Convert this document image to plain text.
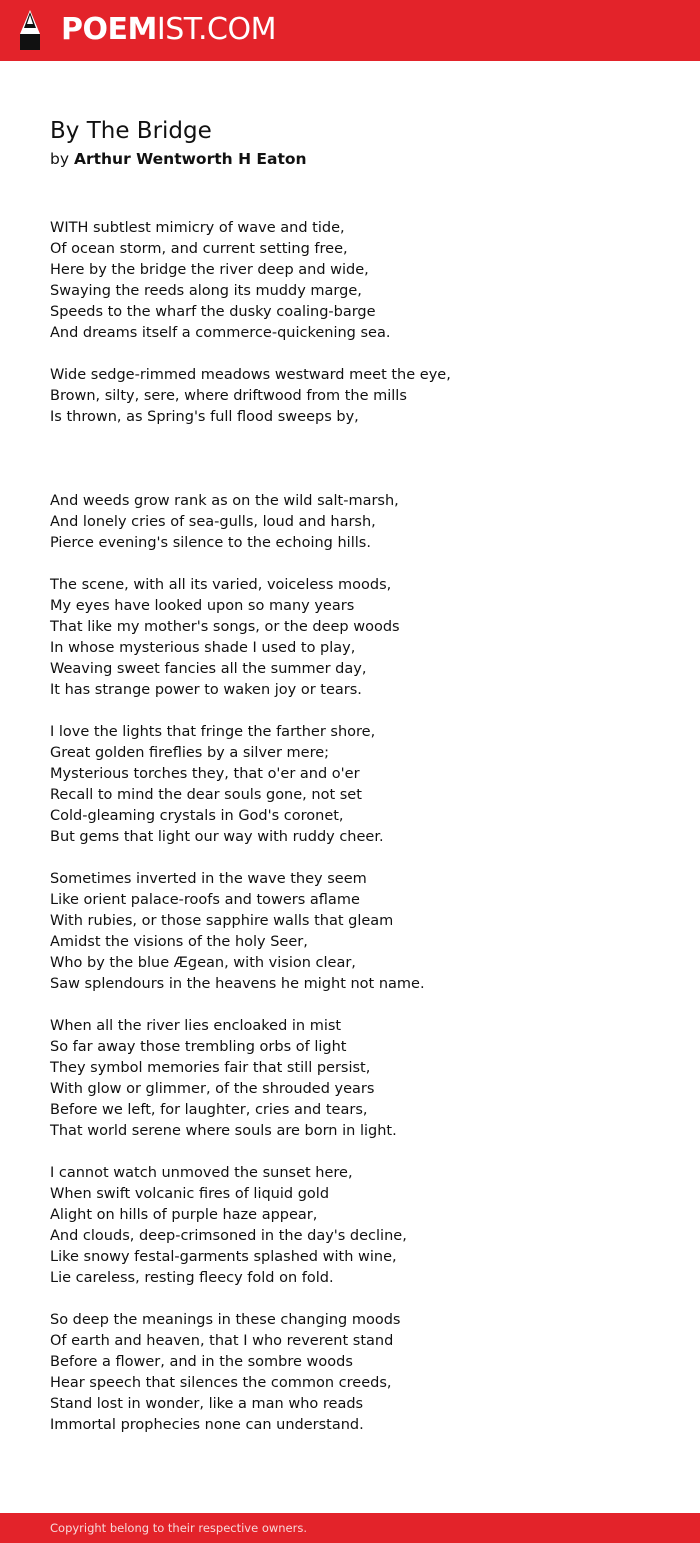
POEMIST.COM
By The Bridge
by Arthur Wentworth H Eaton
WITH subtlest mimicry of wave and tide,
Of ocean storm, and current setting free,
Here by the bridge the river deep and wide,
Swaying the reeds along its muddy marge,
Speeds to the wharf the dusky coaling-barge
And dreams itself a commerce-quickening sea.
Wide sedge-rimmed meadows westward meet the eye,
Brown, silty, sere, where driftwood from the mills
Is thrown, as Spring's full flood sweeps by,
And weeds grow rank as on the wild salt-marsh,
And lonely cries of sea-gulls, loud and harsh,
Pierce evening's silence to the echoing hills.
The scene, with all its varied, voiceless moods,
My eyes have looked upon so many years
That like my mother's songs, or the deep woods
In whose mysterious shade I used to play,
Weaving sweet fancies all the summer day,
It has strange power to waken joy or tears.
I love the lights that fringe the farther shore,
Great golden fireflies by a silver mere;
Mysterious torches they, that o'er and o'er
Recall to mind the dear souls gone, not set
Cold-gleaming crystals in God's coronet,
But gems that light our way with ruddy cheer.
Sometimes inverted in the wave they seem
Like orient palace-roofs and towers aflame
With rubies, or those sapphire walls that gleam
Amidst the visions of the holy Seer,
Who by the blue Ægean, with vision clear,
Saw splendours in the heavens he might not name.
When all the river lies encloaked in mist
So far away those trembling orbs of light
They symbol memories fair that still persist,
With glow or glimmer, of the shrouded years
Before we left, for laughter, cries and tears,
That world serene where souls are born in light.
I cannot watch unmoved the sunset here,
When swift volcanic fires of liquid gold
Alight on hills of purple haze appear,
And clouds, deep-crimsoned in the day's decline,
Like snowy festal-garments splashed with wine,
Lie careless, resting fleecy fold on fold.
So deep the meanings in these changing moods
Of earth and heaven, that I who reverent stand
Before a flower, and in the sombre woods
Hear speech that silences the common creeds,
Stand lost in wonder, like a man who reads
Immortal prophecies none can understand.
Copyright belong to their respective owners.
